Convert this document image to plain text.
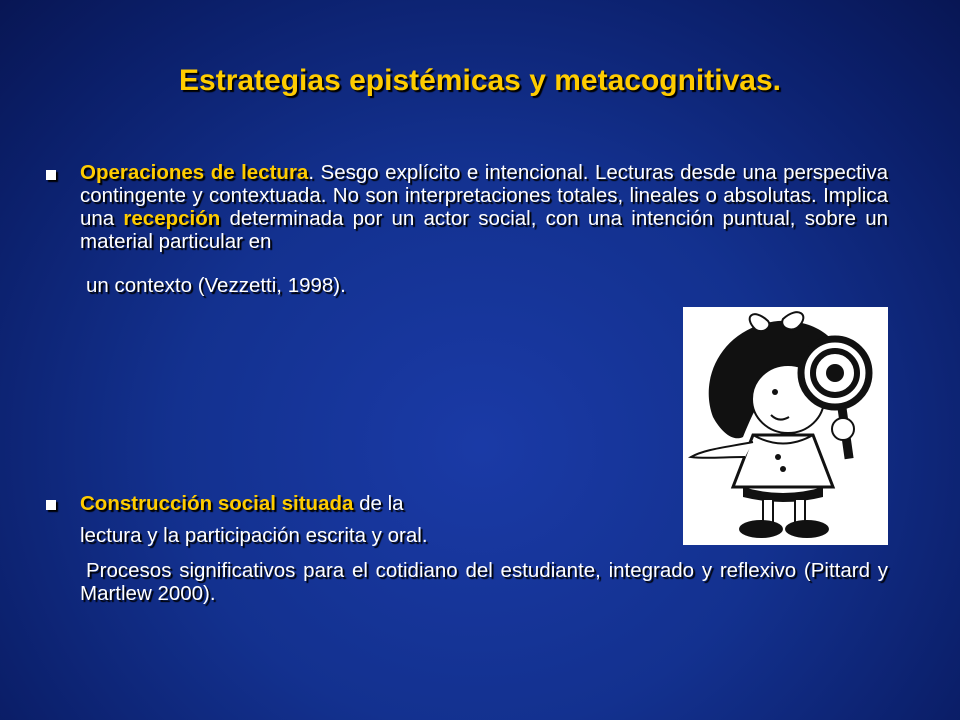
Estrategias epistémicas y metacognitivas.
Operaciones de lectura. Sesgo explícito e intencional. Lecturas desde una perspectiva contingente y contextuada. No son interpretaciones totales, lineales o absolutas. Implica una recepción determinada por un actor social, con una intención puntual, sobre un material particular en
un contexto (Vezzetti, 1998).
Construcción social situada de la
lectura y la participación escrita y oral.
Procesos significativos para el cotidiano del estudiante, integrado y reflexivo (Pittard y Martlew 2000).
